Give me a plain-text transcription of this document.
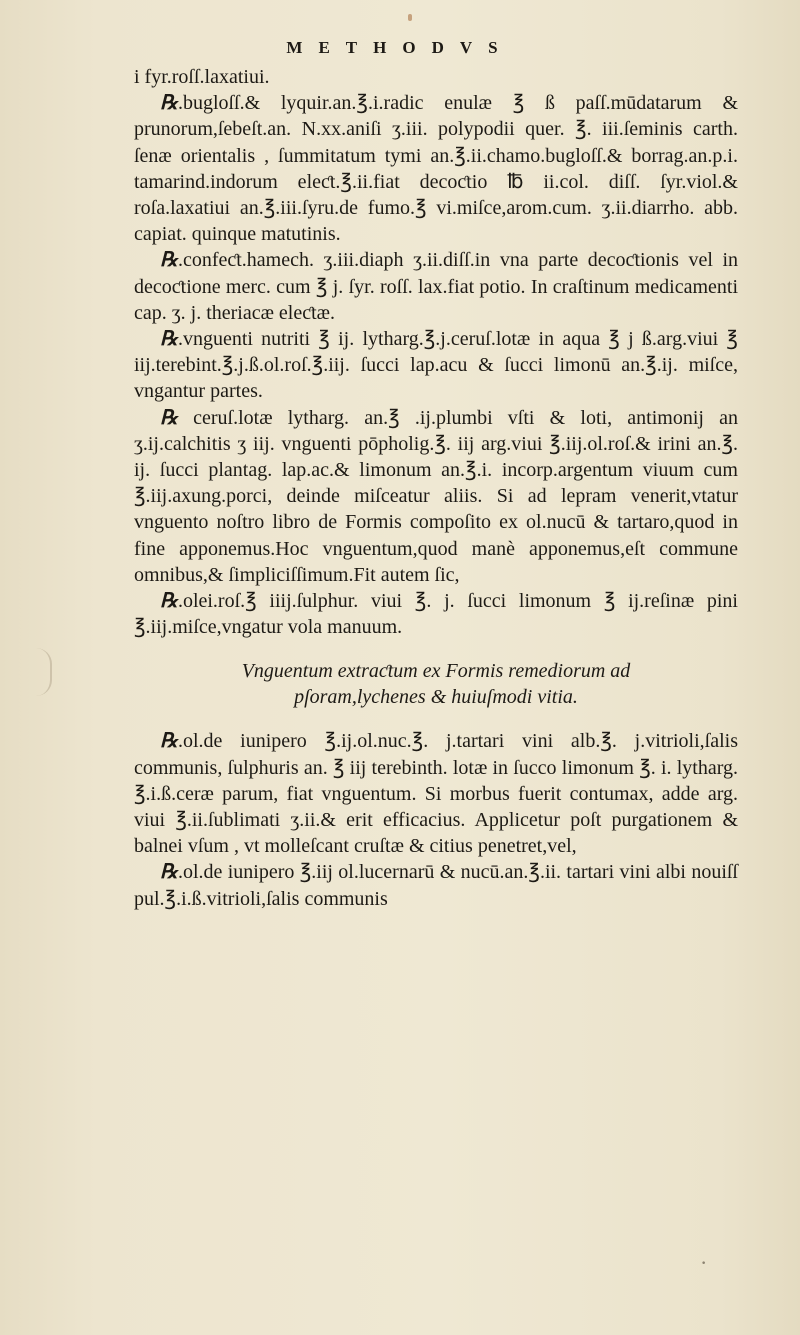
METHODVS

i fyr.roſſ.laxatiui.

℞.bugloſſ.& lyquir.an.℥.i.radic enulæ ℥ ß paſſ.mūdatarum & prunorum,ſebeſt.an. N.xx.aniſi ʒ.iii. polypodii quer. ℥. iii.ſeminis carth. ſenæ orientalis , ſummitatum tymi an.℥.ii.chamo.bugloſſ.& borrag.an.p.i. tamarind.indorum eleƈt.℥.ii.fiat decoƈtio ℔ ii.col. diſſ. ſyr.viol.& roſa.laxatiui an.℥.iii.ſyru.de fumo.℥ vi.miſce,arom.cum. ʒ.ii.diarrho. abb. capiat. quinque matutinis.

℞.confeƈt.hamech. ʒ.iii.diaph ʒ.ii.diſſ.in vna parte decoƈtionis vel in decoƈtione merc. cum ℥ j. ſyr. roſſ. lax.fiat potio. In craſtinum medicamenti cap. ʒ. j. theriacæ eleƈtæ.

℞.vnguenti nutriti ℥ ij. lytharg.℥.j.ceruſ.lotæ in aqua ℥ j ß.arg.viui ℥ iij.terebint.℥.j.ß.ol.roſ.℥.iij. ſucci lap.acu & ſucci limonū an.℥.ij. miſce, vngantur partes.

℞ ceruſ.lotæ lytharg. an.℥ .ij.plumbi vſti & loti, antimonij an ʒ.ij.calchitis ʒ iij. vnguenti pōpholig.℥. iij arg.viui ℥.iij.ol.roſ.& irini an.℥. ij. ſucci plantag. lap.ac.& limonum an.℥.i. incorp.argentum viuum cum ℥.iij.axung.porci, deinde miſceatur aliis. Si ad lepram venerit,vtatur vnguento noſtro libro de Formis compoſito ex ol.nucū & tartaro,quod in fine apponemus.Hoc vnguentum,quod manè apponemus,eſt commune omnibus,& ſimpliciſſimum.Fit autem ſic,

℞.olei.roſ.℥ iiij.ſulphur. viui ℥. j. ſucci limonum ℥ ij.reſinæ pini ℥.iij.miſce,vngatur vola manuum.

Vnguentum extraƈtum ex Formis remediorum ad
pſoram,lychenes & huiuſmodi vitia.

℞.ol.de iunipero ℥.ij.ol.nuc.℥. j.tartari vini alb.℥. j.vitrioli,ſalis communis, ſulphuris an. ℥ iij terebinth. lotæ in ſucco limonum ℥. i. lytharg. ℥.i.ß.ceræ parum, fiat vnguentum. Si morbus fuerit contumax, adde arg. viui ℥.ii.ſublimati ʒ.ii.& erit efficacius. Applicetur poſt purgationem & balnei vſum , vt molleſcant cruſtæ & citius penetret,vel,

℞.ol.de iunipero ℥.iij ol.lucernarū & nucū.an.℥.ii. tartari vini albi nouiſſ pul.℥.i.ß.vitrioli,ſalis communis

·
